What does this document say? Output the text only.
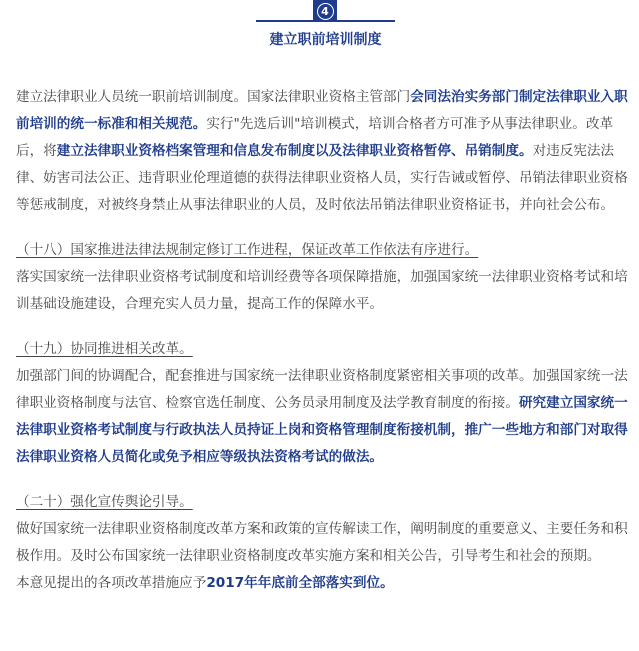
4
建立职前培训制度

建立法律职业人员统一职前培训制度。国家法律职业资格主管部门会同法治实务部门制定法律职业入职前培训的统一标准和相关规范。实行"先选后训"培训模式，培训合格者方可准予从事法律职业。改革后，将建立法律职业资格档案管理和信息发布制度以及法律职业资格暂停、吊销制度。对违反宪法法律、妨害司法公正、违背职业伦理道德的获得法律职业资格人员，实行告诫或暂停、吊销法律职业资格等惩戒制度，对被终身禁止从事法律职业的人员，及时依法吊销法律职业资格证书，并向社会公布。

（十八）国家推进法律法规制定修订工作进程，保证改革工作依法有序进行。

落实国家统一法律职业资格考试制度和培训经费等各项保障措施，加强国家统一法律职业资格考试和培训基础设施建设，合理充实人员力量，提高工作的保障水平。

（十九）协同推进相关改革。

加强部门间的协调配合，配套推进与国家统一法律职业资格制度紧密相关事项的改革。加强国家统一法律职业资格制度与法官、检察官选任制度、公务员录用制度及法学教育制度的衔接。研究建立国家统一法律职业资格考试制度与行政执法人员持证上岗和资格管理制度衔接机制，推广一些地方和部门对取得法律职业资格人员简化或免予相应等级执法资格考试的做法。

（二十）强化宣传舆论引导。

做好国家统一法律职业资格制度改革方案和政策的宣传解读工作，阐明制度的重要意义、主要任务和积极作用。及时公布国家统一法律职业资格制度改革实施方案和相关公告，引导考生和社会的预期。

本意见提出的各项改革措施应予2017年年底前全部落实到位。
